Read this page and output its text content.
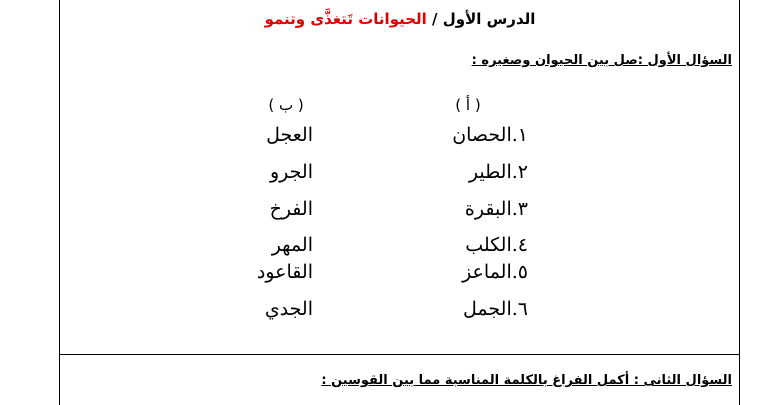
الدرس الأول / الحيوانات تَتغذَّى وتنمو
السؤال الأول :صل بين الحيوان وصغيره :
( أ )
( ب )
١.الحصان
٢.الطير
٣.البقرة
٤.الكلب
٥.الماعز
٦.الجمل
العجل
الجرو
الفرخ
المهر
القاعود
الجدي
السؤال الثانى : أكمل الفراغ بالكلمة المناسبة مما بين القوسين :
